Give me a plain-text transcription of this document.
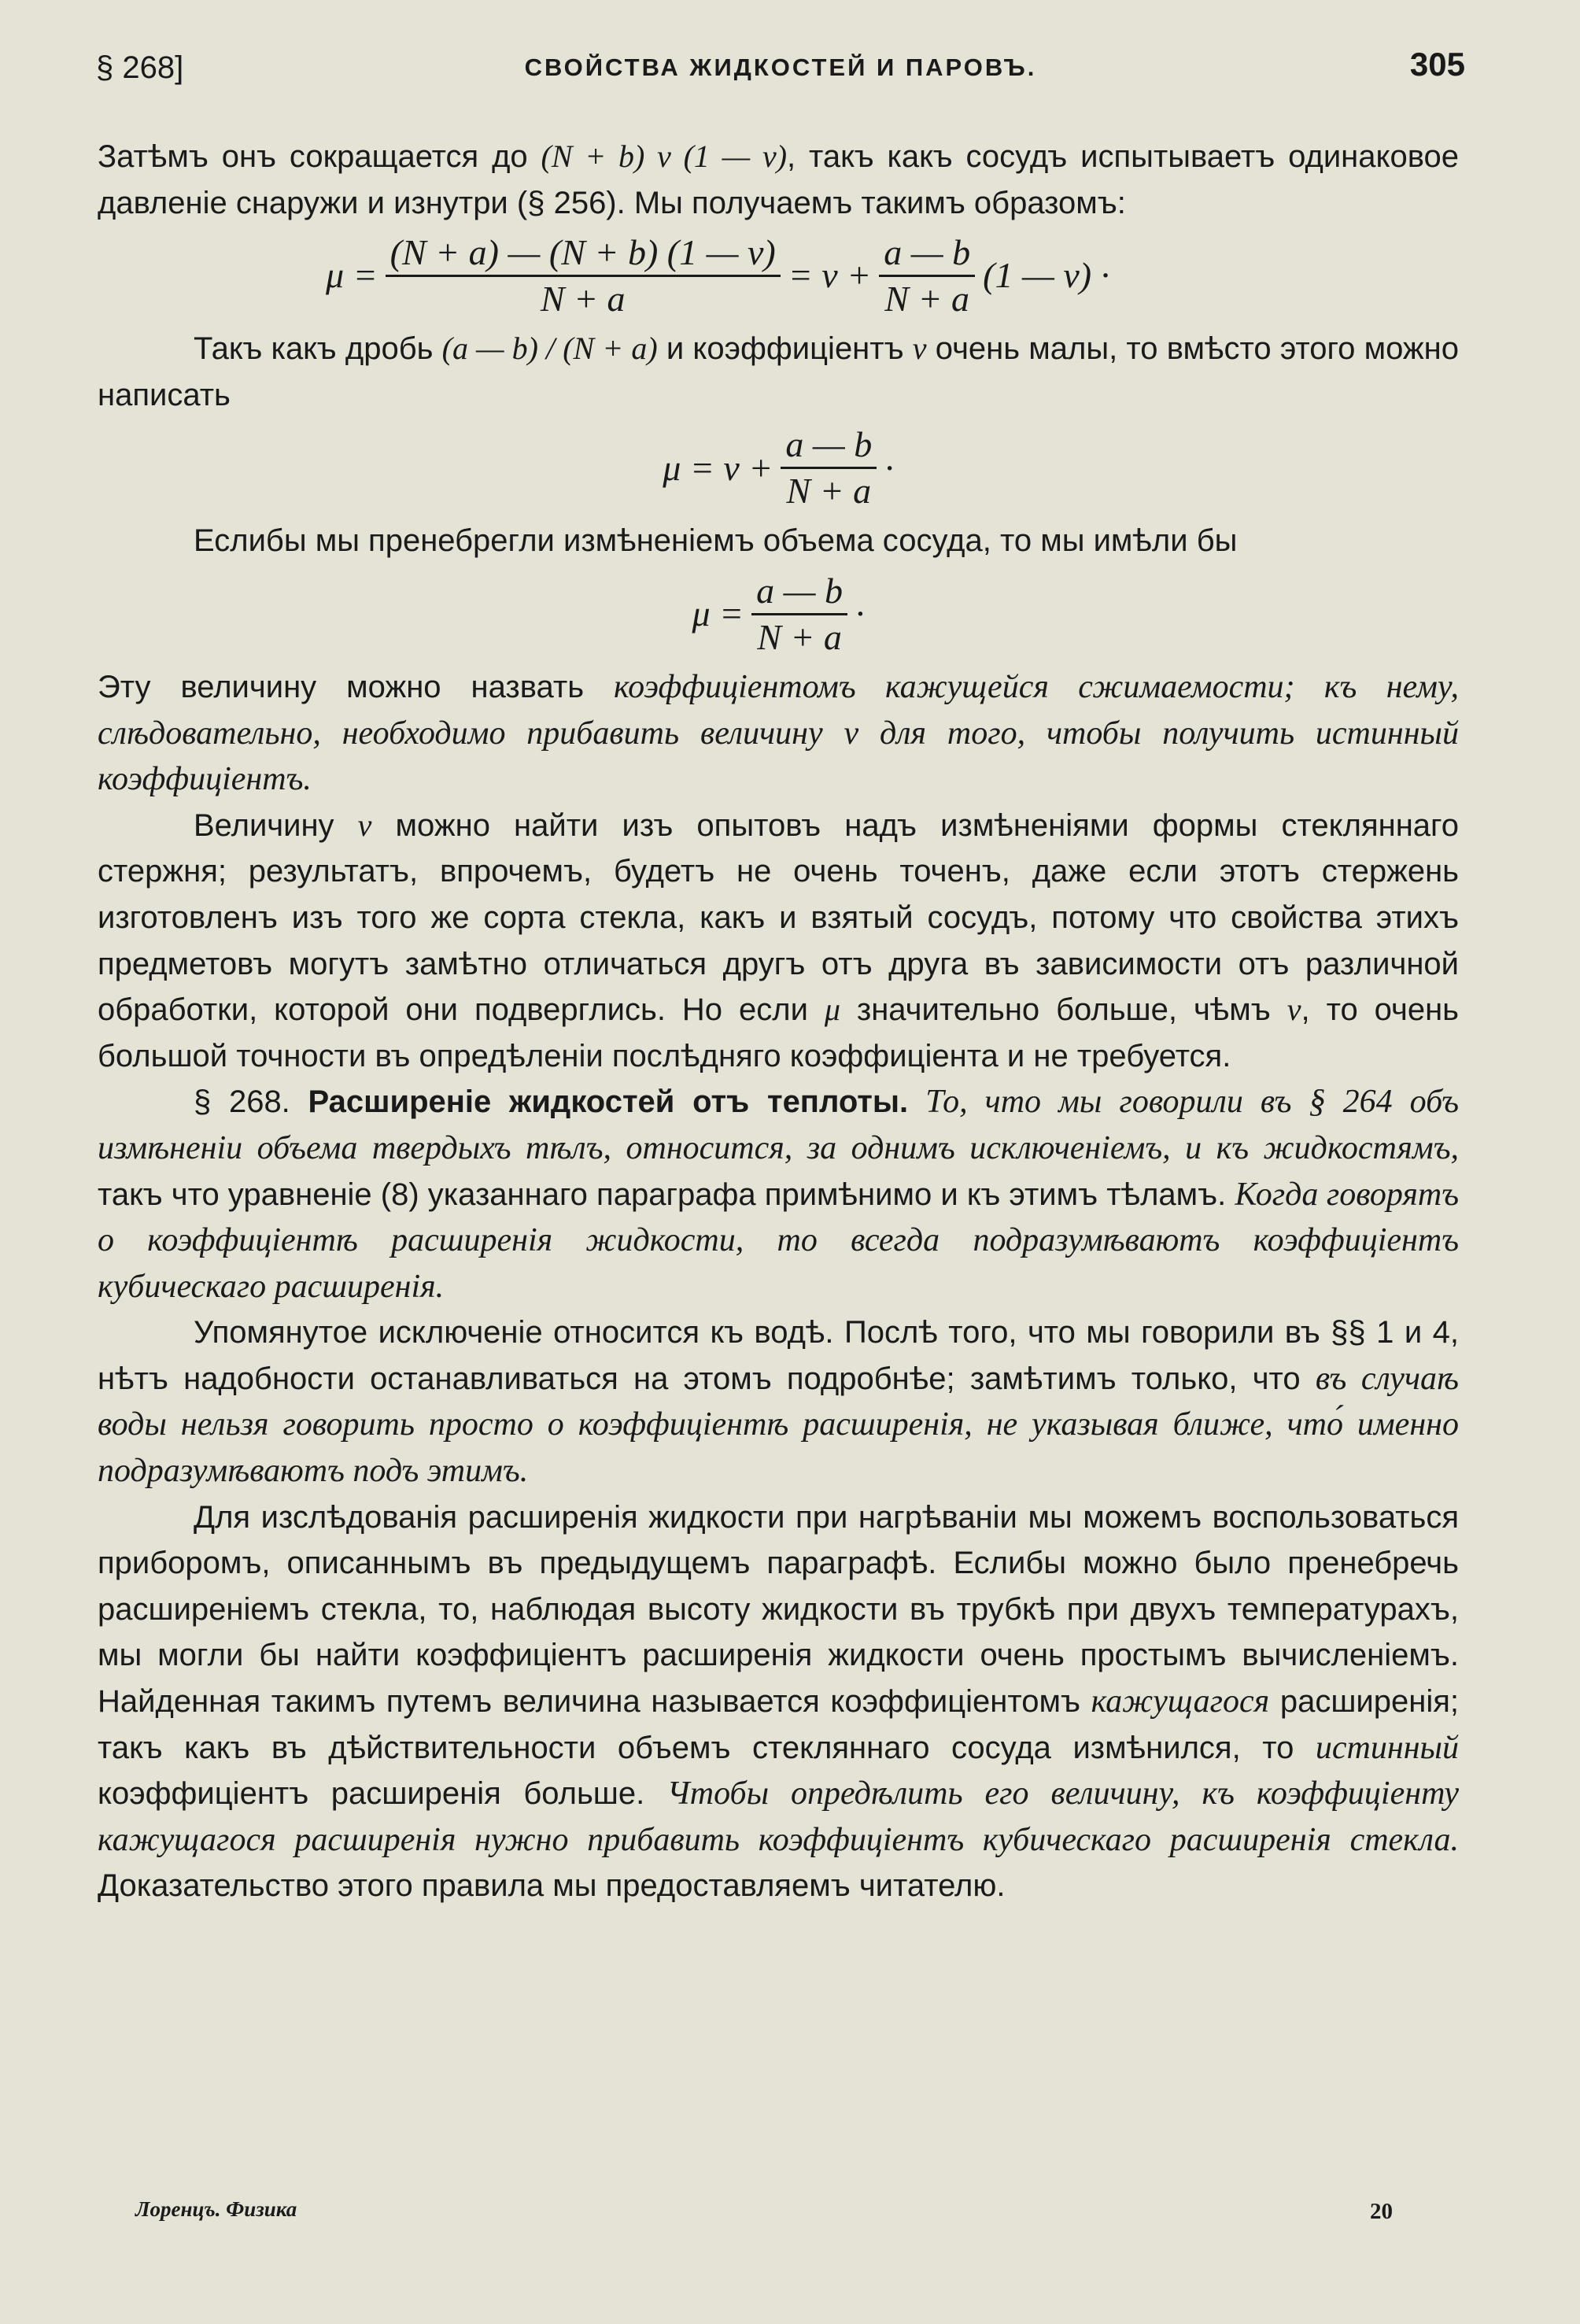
§ 268]	СВОЙСТВА ЖИДКОСТЕЙ И ПАРОВЪ.	305

Затѣмъ онъ сокращается до (N + b) v (1 — v), такъ какъ сосудъ испытываетъ одинаковое давленіе снаружи и изнутри (§ 256). Мы получаемъ такимъ образомъ:

$\mu = \frac{(N + a) — (N + b) (1 — v)}{N + a} = v + \frac{a — b}{N + a} (1$ — v) ·

Такъ какъ дробь (a — b) / (N + a) и коэффиціентъ v очень малы, то вмѣсто этого можно написать

$\mu = v + \frac{a — b}{N + a}$ ·

Еслибы мы пренебрегли измѣненіемъ объема сосуда, то мы имѣли бы

$\mu = \frac{a — b}{N + a}$ ·

Эту величину можно назвать коэффиціентомъ кажущейся сжимаемости; къ нему, слѣдовательно, необходимо прибавить величину v для того, чтобы получить истинный коэффиціентъ.

Величину v можно найти изъ опытовъ надъ измѣненіями формы стекляннаго стержня; результатъ, впрочемъ, будетъ не очень точенъ, даже если этотъ стержень изготовленъ изъ того же сорта стекла, какъ и взятый сосудъ, потому что свойства этихъ предметовъ могутъ замѣтно отличаться другъ отъ друга въ зависимости отъ различной обработки, которой они подверглись. Но если μ значительно больше, чѣмъ v, то очень большой точности въ опредѣленіи послѣдняго коэффиціента и не требуется.

§ 268. Расширеніе жидкостей отъ теплоты. То, что мы говорили въ § 264 объ измѣненіи объема твердыхъ тѣлъ, относится, за однимъ исключеніемъ, и къ жидкостямъ, такъ что уравненіе (8) указаннаго параграфа примѣнимо и къ этимъ тѣламъ. Когда говорятъ о коэффиціентѣ расширенія жидкости, то всегда подразумѣваютъ коэффиціентъ кубическаго расширенія.

Упомянутое исключеніе относится къ водѣ. Послѣ того, что мы говорили въ §§ 1 и 4, нѣтъ надобности останавливаться на этомъ подробнѣе; замѣтимъ только, что въ случаѣ воды нельзя говорить просто о коэффиціентѣ расширенія, не указывая ближе, что́ именно подразумѣваютъ подъ этимъ.

Для изслѣдованія расширенія жидкости при нагрѣваніи мы можемъ воспользоваться приборомъ, описаннымъ въ предыдущемъ параграфѣ. Еслибы можно было пренебречь расширеніемъ стекла, то, наблюдая высоту жидкости въ трубкѣ при двухъ температурахъ, мы могли бы найти коэффиціентъ расширенія жидкости очень простымъ вычисленіемъ. Найденная такимъ путемъ величина называется коэффиціентомъ кажущагося расширенія; такъ какъ въ дѣйствительности объемъ стекляннаго сосуда измѣнился, то истинный коэффиціентъ расширенія больше. Чтобы опредѣлить его величину, къ коэффиціенту кажущагося расширенія нужно прибавить коэффиціентъ кубическаго расширенія стекла. Доказательство этого правила мы предоставляемъ читателю.

Лоренцъ. Физика	20
